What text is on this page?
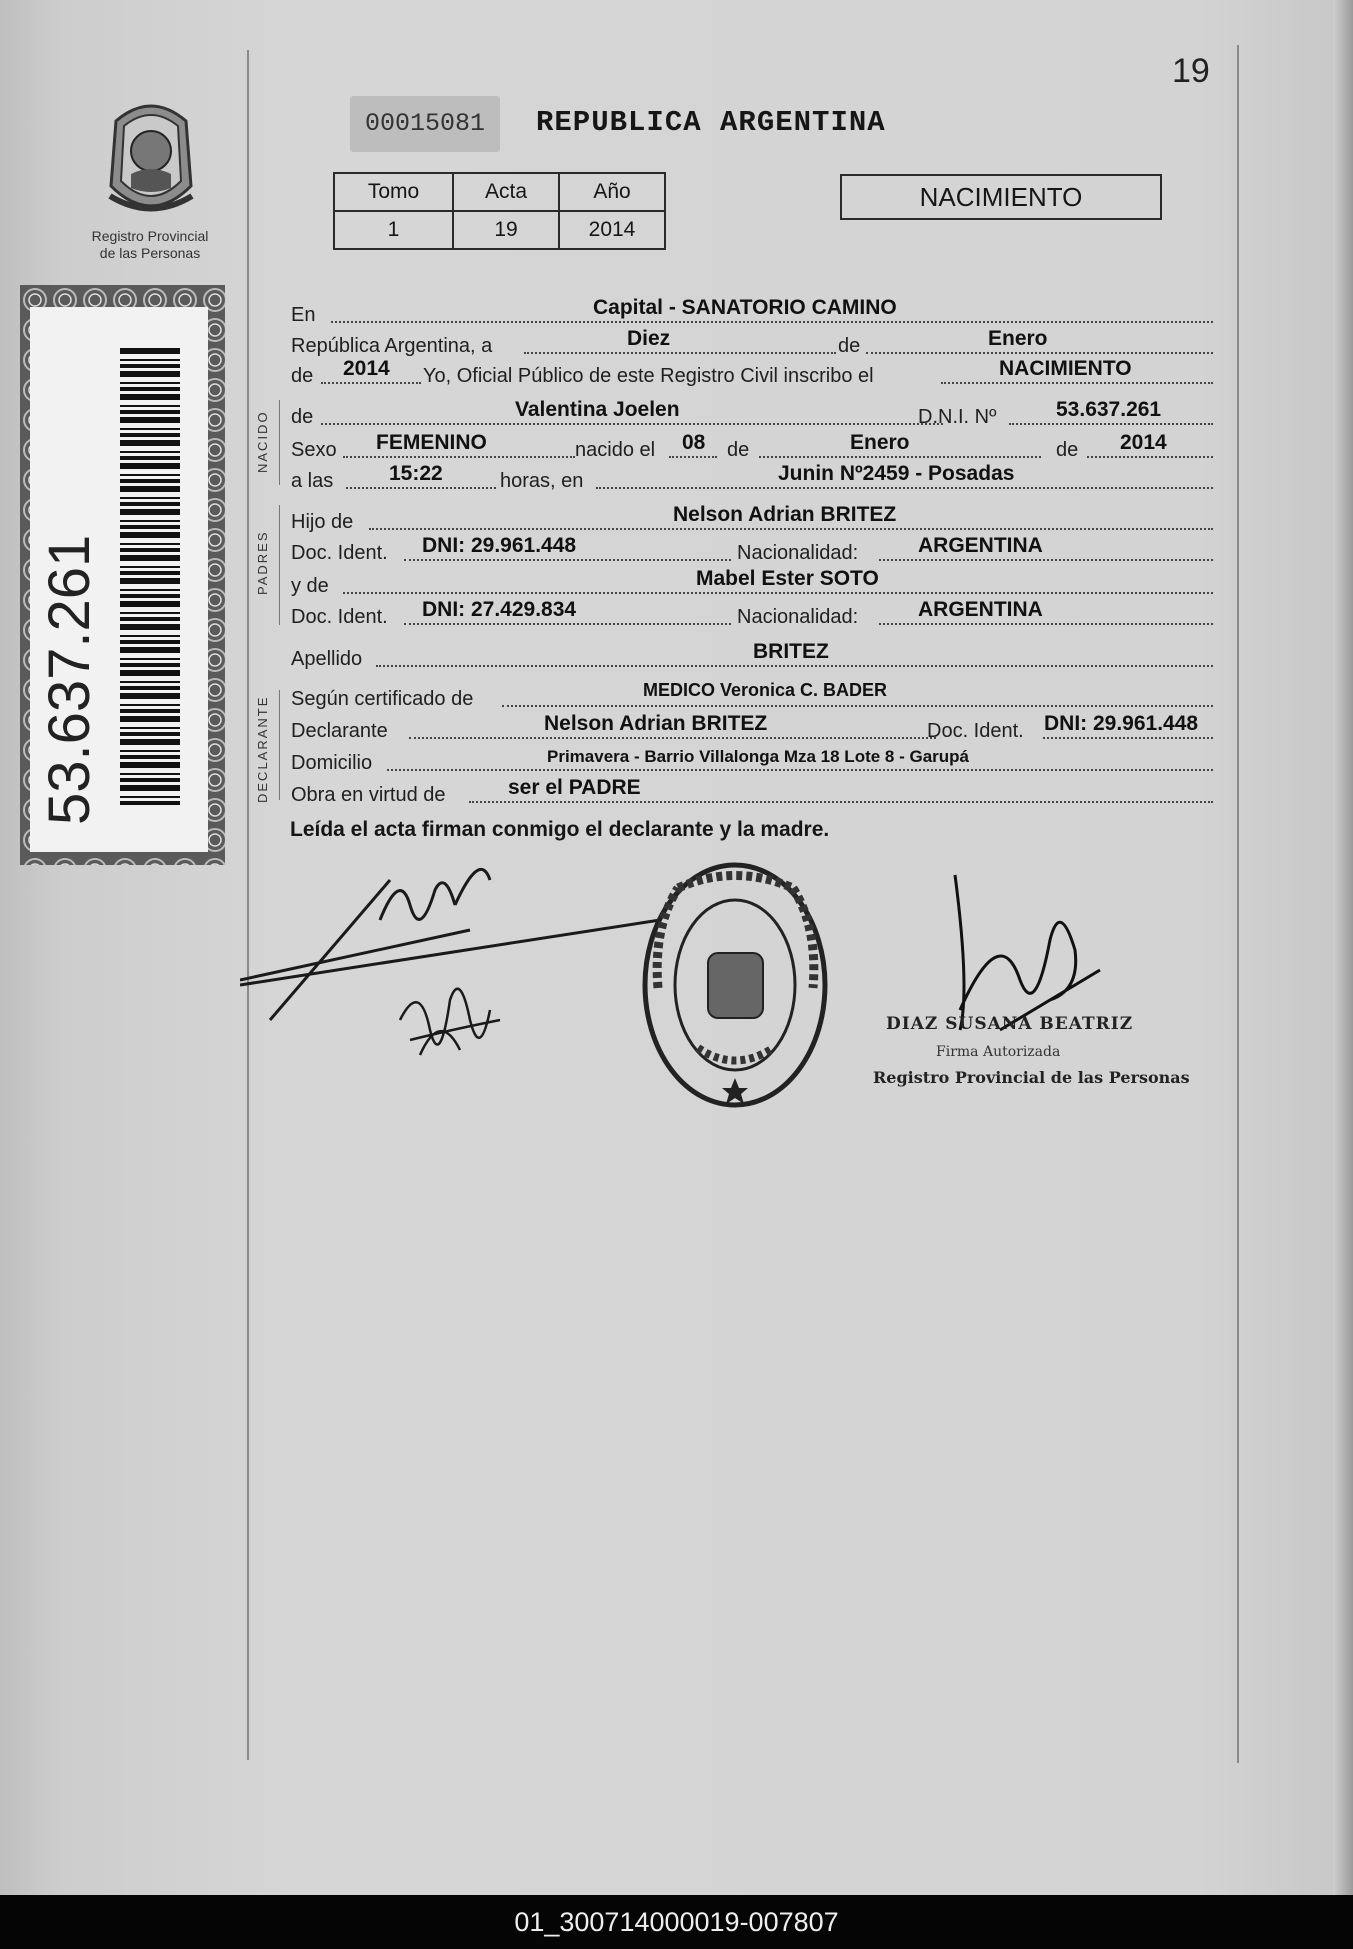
Registro Provincial
de las Personas
53.637.261
19
00015081	REPUBLICA ARGENTINA
Tomo	Acta	Año
1	19	2014
NACIMIENTO
NACIDO
PADRES
DECLARANTE
En	Capital - SANATORIO CAMINO
República Argentina, a	Diez	de	Enero
de 2014 Yo, Oficial Público de este Registro Civil inscribo el	NACIMIENTO
de	Valentina Joelen	D.N.I. Nº	53.637.261
Sexo FEMENINO	nacido el 08 de	Enero	de 2014
a las	15:22	horas, en	Junin Nº2459 - Posadas
Hijo de	Nelson Adrian BRITEZ
Doc. Ident. DNI: 29.961.448	Nacionalidad:	ARGENTINA
y de	Mabel Ester SOTO
Doc. Ident. DNI: 27.429.834	Nacionalidad:	ARGENTINA
Apellido	BRITEZ
Según certificado de	MEDICO Veronica C. BADER
Declarante	Nelson Adrian BRITEZ	Doc. Ident. DNI: 29.961.448
Domicilio	Primavera - Barrio Villalonga Mza 18 Lote 8 - Garupá
Obra en virtud de	ser el PADRE
Leída el acta firman conmigo el declarante y la madre.
DIAZ SUSANA BEATRIZ
Firma Autorizada
Registro Provincial de las Personas
01_300714000019-007807
